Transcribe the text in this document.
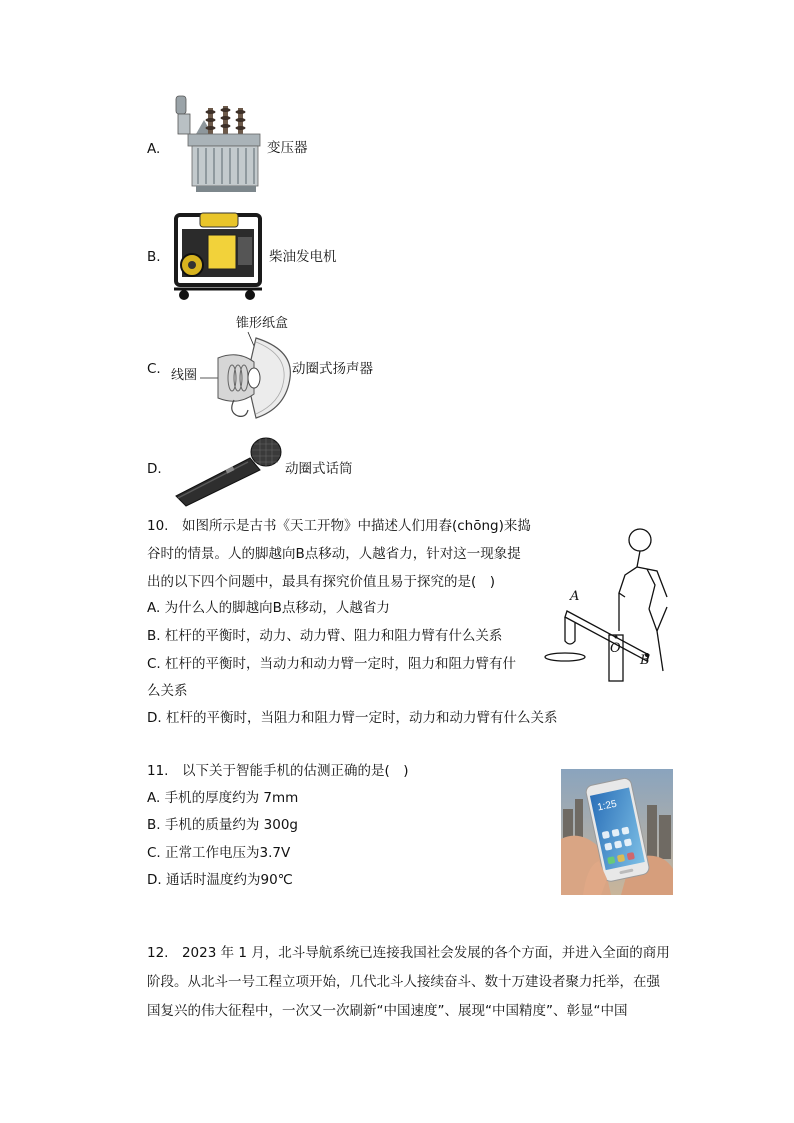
A.	变压器
B.	柴油发电机
C.
锥形纸盒
线圈	动圈式扬声器
D.	动圈式话筒
10.　如图所示是古书《天工开物》中描述人们用舂(chōng)来捣
谷时的情景。人的脚越向B点移动，人越省力，针对这一现象提
出的以下四个问题中，最具有探究价值且易于探究的是(　)
A. 为什么人的脚越向B点移动，人越省力
B. 杠杆的平衡时，动力、动力臂、阻力和阻力臂有什么关系
C. 杠杆的平衡时，当动力和动力臂一定时，阻力和阻力臂有什
么关系
D. 杠杆的平衡时，当阻力和阻力臂一定时，动力和动力臂有什么关系
A
O
B
11.　以下关于智能手机的估测正确的是(　)
A. 手机的厚度约为 7mm
B. 手机的质量约为 300g
C. 正常工作电压为3.7V
D. 通话时温度约为90℃
1:25
12.　2023 年 1 月，北斗导航系统已连接我国社会发展的各个方面，并进入全面的商用
阶段。从北斗一号工程立项开始，几代北斗人接续奋斗、数十万建设者聚力托举，在强
国复兴的伟大征程中，一次又一次刷新“中国速度”、展现“中国精度”、彰显“中国
